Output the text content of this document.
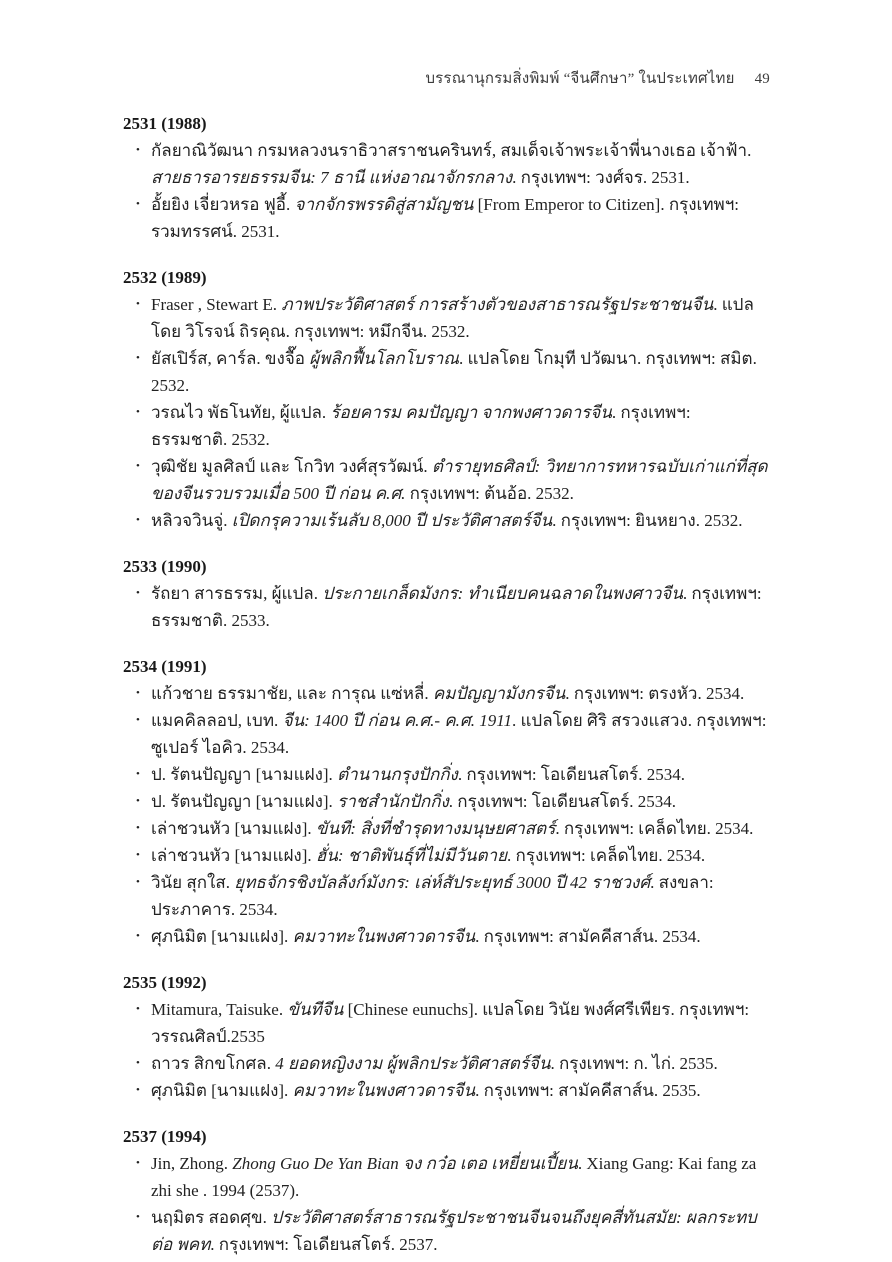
บรรณานุกรมสิ่งพิมพ์ “จีนศึกษา” ในประเทศไทย 49
2531 (1988)
• กัลยาณิวัฒนา กรมหลวงนราธิวาสราชนครินทร์, สมเด็จเจ้าพระเจ้าพี่นางเธอ เจ้าฟ้า. สายธารอารยธรรมจีน: 7 ธานี แห่งอาณาจักรกลาง. กรุงเทพฯ: วงศ์จร. 2531.
• อั้ยยิง เจี่ยวหรอ ฟูอี้. จากจักรพรรดิสู่สามัญชน [From Emperor to Citizen]. กรุงเทพฯ: รวมทรรศน์. 2531.
2532 (1989)
• Fraser , Stewart E. ภาพประวัติศาสตร์ การสร้างตัวของสาธารณรัฐประชาชนจีน. แปลโดย วิโรจน์ ถิรคุณ. กรุงเทพฯ: หมึกจีน. 2532.
• ยัสเปิร์ส, คาร์ล. ขงจื๊อ ผู้พลิกฟื้นโลกโบราณ. แปลโดย โกมุที ปวัฒนา. กรุงเทพฯ: สมิต. 2532.
• วรณไว พัธโนทัย, ผู้แปล. ร้อยคารม คมปัญญา จากพงศาวดารจีน. กรุงเทพฯ: ธรรมชาติ. 2532.
• วุฒิชัย มูลศิลป์ และ โกวิท วงศ์สุรวัฒน์. ตำรายุทธศิลป์: วิทยาการทหารฉบับเก่าแก่ที่สุดของจีนรวบรวมเมื่อ 500 ปี ก่อน ค.ศ. กรุงเทพฯ: ต้นอ้อ. 2532.
• หลิวจวินจู่. เปิดกรุความเร้นลับ 8,000 ปี ประวัติศาสตร์จีน. กรุงเทพฯ: ยินหยาง. 2532.
2533 (1990)
• รัถยา สารธรรม, ผู้แปล. ประกายเกล็ดมังกร: ทำเนียบคนฉลาดในพงศาวจีน. กรุงเทพฯ: ธรรมชาติ. 2533.
2534 (1991)
• แก้วชาย ธรรมาชัย, และ การุณ แซ่หลี่. คมปัญญามังกรจีน. กรุงเทพฯ: ตรงหัว. 2534.
• แมคคิลลอป, เบท. จีน: 1400 ปี ก่อน ค.ศ.- ค.ศ. 1911. แปลโดย ศิริ สรวงแสวง. กรุงเทพฯ: ซูเปอร์ ไอคิว. 2534.
• ป. รัตนปัญญา [นามแฝง]. ตำนานกรุงปักกิ่ง. กรุงเทพฯ: โอเดียนสโตร์. 2534.
• ป. รัตนปัญญา [นามแฝง]. ราชสำนักปักกิ่ง. กรุงเทพฯ: โอเดียนสโตร์. 2534.
• เล่าชวนหัว [นามแฝง]. ขันที: สิ่งที่ชำรุดทางมนุษยศาสตร์. กรุงเทพฯ: เคล็ดไทย. 2534.
• เล่าชวนหัว [นามแฝง]. ฮั่น: ชาติพันธุ์ที่ไม่มีวันตาย. กรุงเทพฯ: เคล็ดไทย. 2534.
• วินัย สุกใส. ยุทธจักรชิงบัลลังก์มังกร: เล่ห์สัประยุทธ์ 3000 ปี 42 ราชวงศ์. สงขลา: ประภาคาร. 2534.
• ศุภนิมิต [นามแฝง]. คมวาทะในพงศาวดารจีน. กรุงเทพฯ: สามัคคีสาส์น. 2534.
2535 (1992)
• Mitamura, Taisuke. ขันทีจีน [Chinese eunuchs]. แปลโดย วินัย พงศ์ศรีเพียร. กรุงเทพฯ: วรรณศิลป์.2535
• ถาวร สิกขโกศล. 4 ยอดหญิงงาม ผู้พลิกประวัติศาสตร์จีน. กรุงเทพฯ: ก. ไก่. 2535.
• ศุภนิมิต [นามแฝง]. คมวาทะในพงศาวดารจีน. กรุงเทพฯ: สามัคคีสาส์น. 2535.
2537 (1994)
• Jin, Zhong. Zhong Guo De Yan Bian จง กว๋อ เตอ เหยี่ยนเปี้ยน. Xiang Gang: Kai fang za zhi she . 1994 (2537).
• นฤมิตร สอดศุข. ประวัติศาสตร์สาธารณรัฐประชาชนจีนจนถึงยุคสี่ทันสมัย: ผลกระทบต่อ พคท. กรุงเทพฯ: โอเดียนสโตร์. 2537.
